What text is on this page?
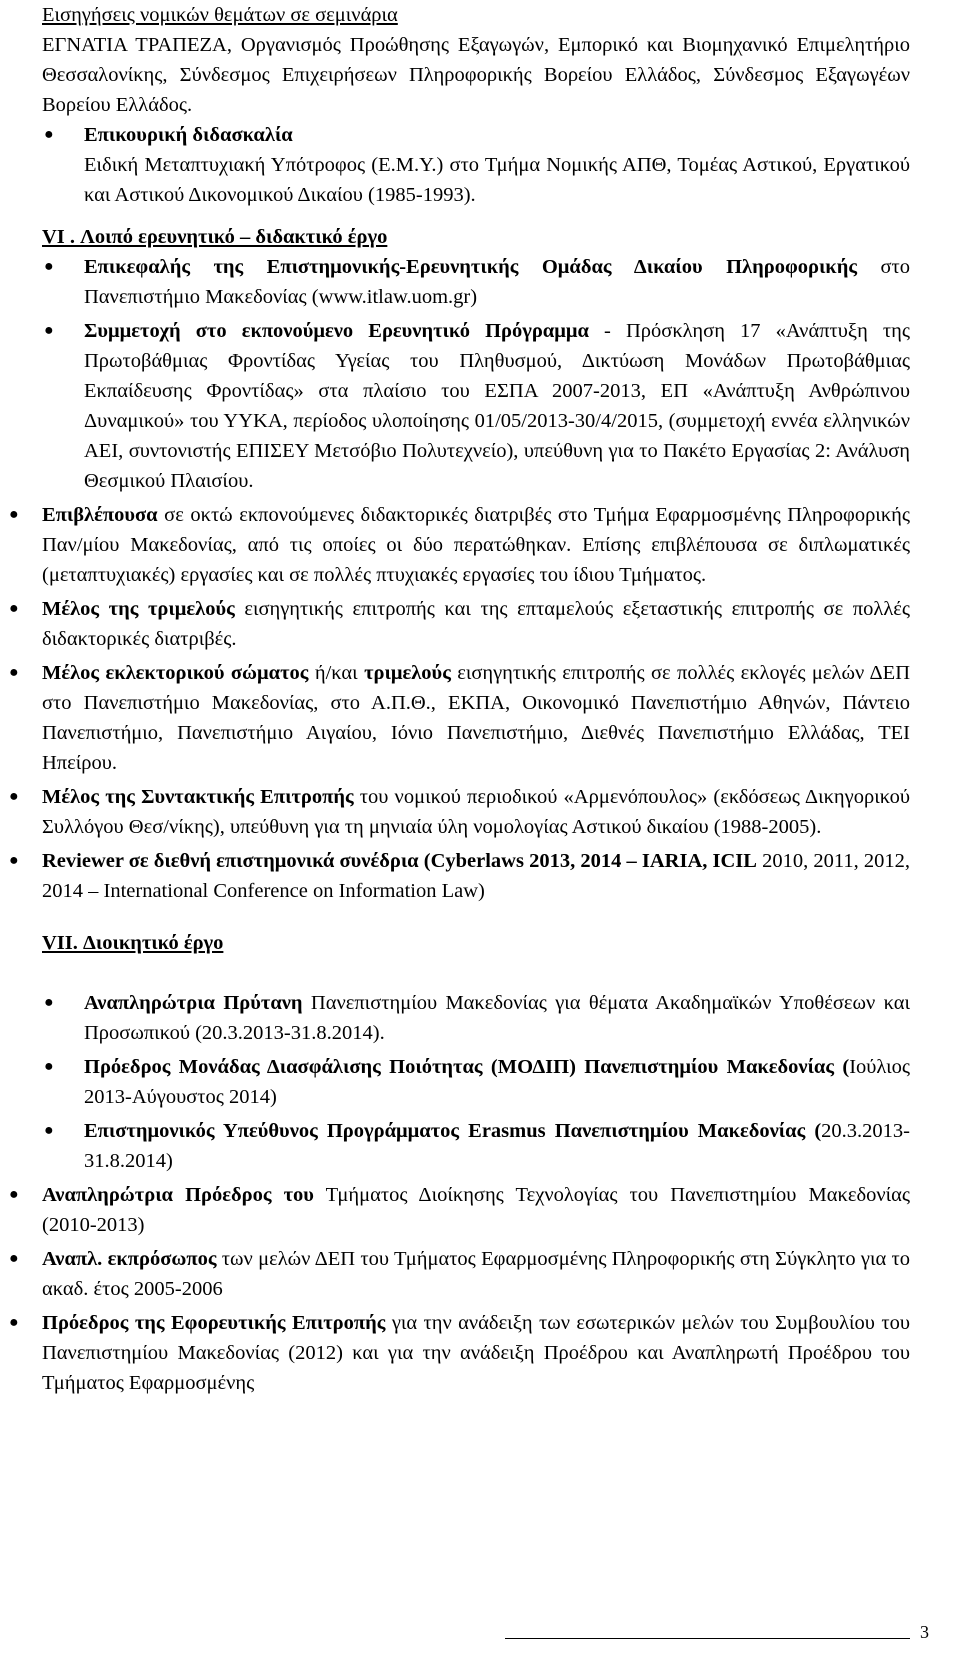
Εισηγήσεις νομικών θεμάτων σε σεμινάρια

ΕΓΝΑΤΙΑ ΤΡΑΠΕΖΑ, Οργανισμός Προώθησης Εξαγωγών, Εμπορικό και Βιομηχανικό Επιμελητήριο Θεσσαλονίκης, Σύνδεσμος Επιχειρήσεων Πληροφορικής Βορείου Ελλάδος, Σύνδεσμος Εξαγωγέων Βορείου Ελλάδος.

● Επικουρική διδασκαλία

Ειδική Μεταπτυχιακή Υπότροφος (Ε.Μ.Υ.) στο Τμήμα Νομικής ΑΠΘ, Τομέας Αστικού, Εργατικού και Αστικού Δικονομικού Δικαίου (1985-1993).

VI . Λοιπό ερευνητικό – διδακτικό έργο

● Επικεφαλής της Επιστημονικής-Ερευνητικής Ομάδας Δικαίου Πληροφορικής στο Πανεπιστήμιο Μακεδονίας (www.itlaw.uom.gr)
● Συμμετοχή στο εκπονούμενο Ερευνητικό Πρόγραμμα - Πρόσκληση 17 «Ανάπτυξη της Πρωτοβάθμιας Φροντίδας Υγείας του Πληθυσμού, Δικτύωση Μονάδων Πρωτοβάθμιας Εκπαίδευσης Φροντίδας» στα πλαίσιο του ΕΣΠΑ 2007-2013, ΕΠ «Ανάπτυξη Ανθρώπινου Δυναμικού» του ΥΥΚΑ, περίοδος υλοποίησης 01/05/2013-30/4/2015, (συμμετοχή εννέα ελληνικών ΑΕΙ, συντονιστής ΕΠΙΣΕΥ Μετσόβιο Πολυτεχνείο), υπεύθυνη για το Πακέτο Εργασίας 2: Ανάλυση Θεσμικού Πλαισίου.
● Επιβλέπουσα σε οκτώ εκπονούμενες διδακτορικές διατριβές στο Τμήμα Εφαρμοσμένης Πληροφορικής Παν/μίου Μακεδονίας, από τις οποίες οι δύο περατώθηκαν. Επίσης επιβλέπουσα σε διπλωματικές (μεταπτυχιακές) εργασίες και σε πολλές πτυχιακές εργασίες του ίδιου Τμήματος.
● Μέλος της τριμελούς εισηγητικής επιτροπής και της επταμελούς εξεταστικής επιτροπής σε πολλές διδακτορικές διατριβές.
● Μέλος εκλεκτορικού σώματος ή/και τριμελούς εισηγητικής επιτροπής σε πολλές εκλογές μελών ΔΕΠ στο Πανεπιστήμιο Μακεδονίας, στο Α.Π.Θ., ΕΚΠΑ, Οικονομικό Πανεπιστήμιο Αθηνών, Πάντειο Πανεπιστήμιο, Πανεπιστήμιο Αιγαίου, Ιόνιο Πανεπιστήμιο, Διεθνές Πανεπιστήμιο Ελλάδας, ΤΕΙ Ηπείρου.
● Μέλος της Συντακτικής Επιτροπής του νομικού περιοδικού «Αρμενόπουλος» (εκδόσεως Δικηγορικού Συλλόγου Θεσ/νίκης), υπεύθυνη για τη μηνιαία ύλη νομολογίας Αστικού δικαίου (1988-2005).
● Reviewer σε διεθνή επιστημονικά συνέδρια (Cyberlaws 2013, 2014 – IARIA, ICIL 2010, 2011, 2012, 2014 – International Conference on Information Law)

VII. Διοικητικό έργο

● Αναπληρώτρια Πρύτανη Πανεπιστημίου Μακεδονίας για θέματα Ακαδημαϊκών Υποθέσεων και Προσωπικού (20.3.2013-31.8.2014).
● Πρόεδρος Μονάδας Διασφάλισης Ποιότητας (ΜΟΔΙΠ) Πανεπιστημίου Μακεδονίας (Ιούλιος 2013-Αύγουστος 2014)
● Επιστημονικός Υπεύθυνος Προγράμματος Erasmus Πανεπιστημίου Μακεδονίας (20.3.2013-31.8.2014)
● Αναπληρώτρια Πρόεδρος του Τμήματος Διοίκησης Τεχνολογίας του Πανεπιστημίου Μακεδονίας (2010-2013)
● Αναπλ. εκπρόσωπος των μελών ΔΕΠ του Τμήματος Εφαρμοσμένης Πληροφορικής στη Σύγκλητο για το ακαδ. έτος 2005-2006
● Πρόεδρος της Εφορευτικής Επιτροπής για την ανάδειξη των εσωτερικών μελών του Συμβουλίου του Πανεπιστημίου Μακεδονίας (2012) και για την ανάδειξη Προέδρου και Αναπληρωτή Προέδρου του Τμήματος Εφαρμοσμένης
3
